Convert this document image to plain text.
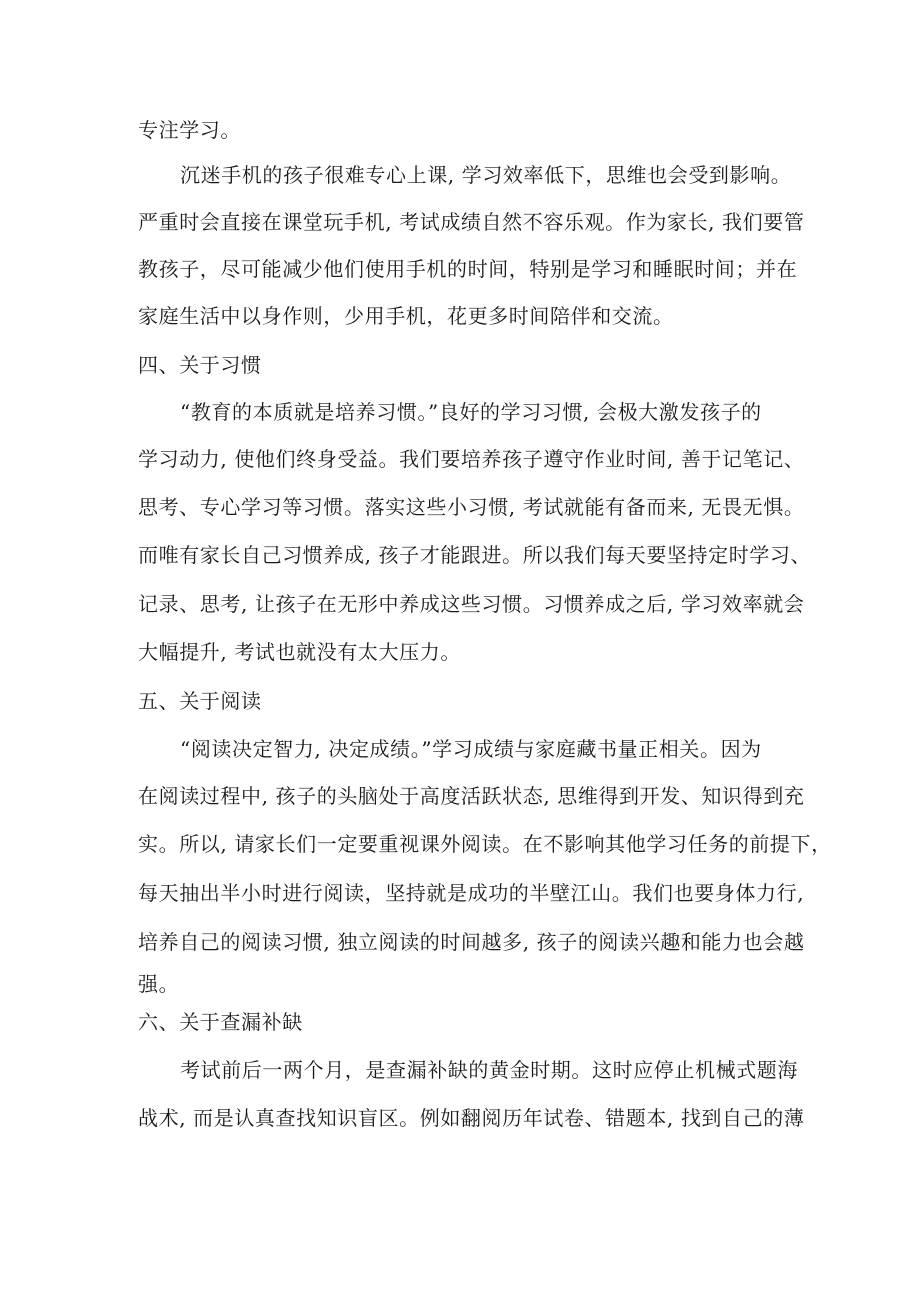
专注学习。
沉迷手机的孩子很难专心上课, 学习效率低下，思维也会受到影响。
严重时会直接在课堂玩手机, 考试成绩自然不容乐观。作为家长, 我们要管
教孩子，尽可能减少他们使用手机的时间，特别是学习和睡眠时间；并在
家庭生活中以身作则，少用手机，花更多时间陪伴和交流。
四、关于习惯
“教育的本质就是培养习惯。”良好的学习习惯, 会极大激发孩子的
学习动力, 使他们终身受益。我们要培养孩子遵守作业时间, 善于记笔记、
思考、专心学习等习惯。落实这些小习惯, 考试就能有备而来, 无畏无惧。
而唯有家长自己习惯养成, 孩子才能跟进。所以我们每天要坚持定时学习、
记录、思考, 让孩子在无形中养成这些习惯。习惯养成之后, 学习效率就会
大幅提升, 考试也就没有太大压力。
五、关于阅读
“阅读决定智力, 决定成绩。”学习成绩与家庭藏书量正相关。因为
在阅读过程中, 孩子的头脑处于高度活跃状态, 思维得到开发、知识得到充
实。所以, 请家长们一定要重视课外阅读。在不影响其他学习任务的前提下，
每天抽出半小时进行阅读，坚持就是成功的半壁江山。我们也要身体力行,
培养自己的阅读习惯, 独立阅读的时间越多, 孩子的阅读兴趣和能力也会越
强。
六、关于查漏补缺
考试前后一两个月，是查漏补缺的黄金时期。这时应停止机械式题海
战术, 而是认真查找知识盲区。例如翻阅历年试卷、错题本, 找到自己的薄
